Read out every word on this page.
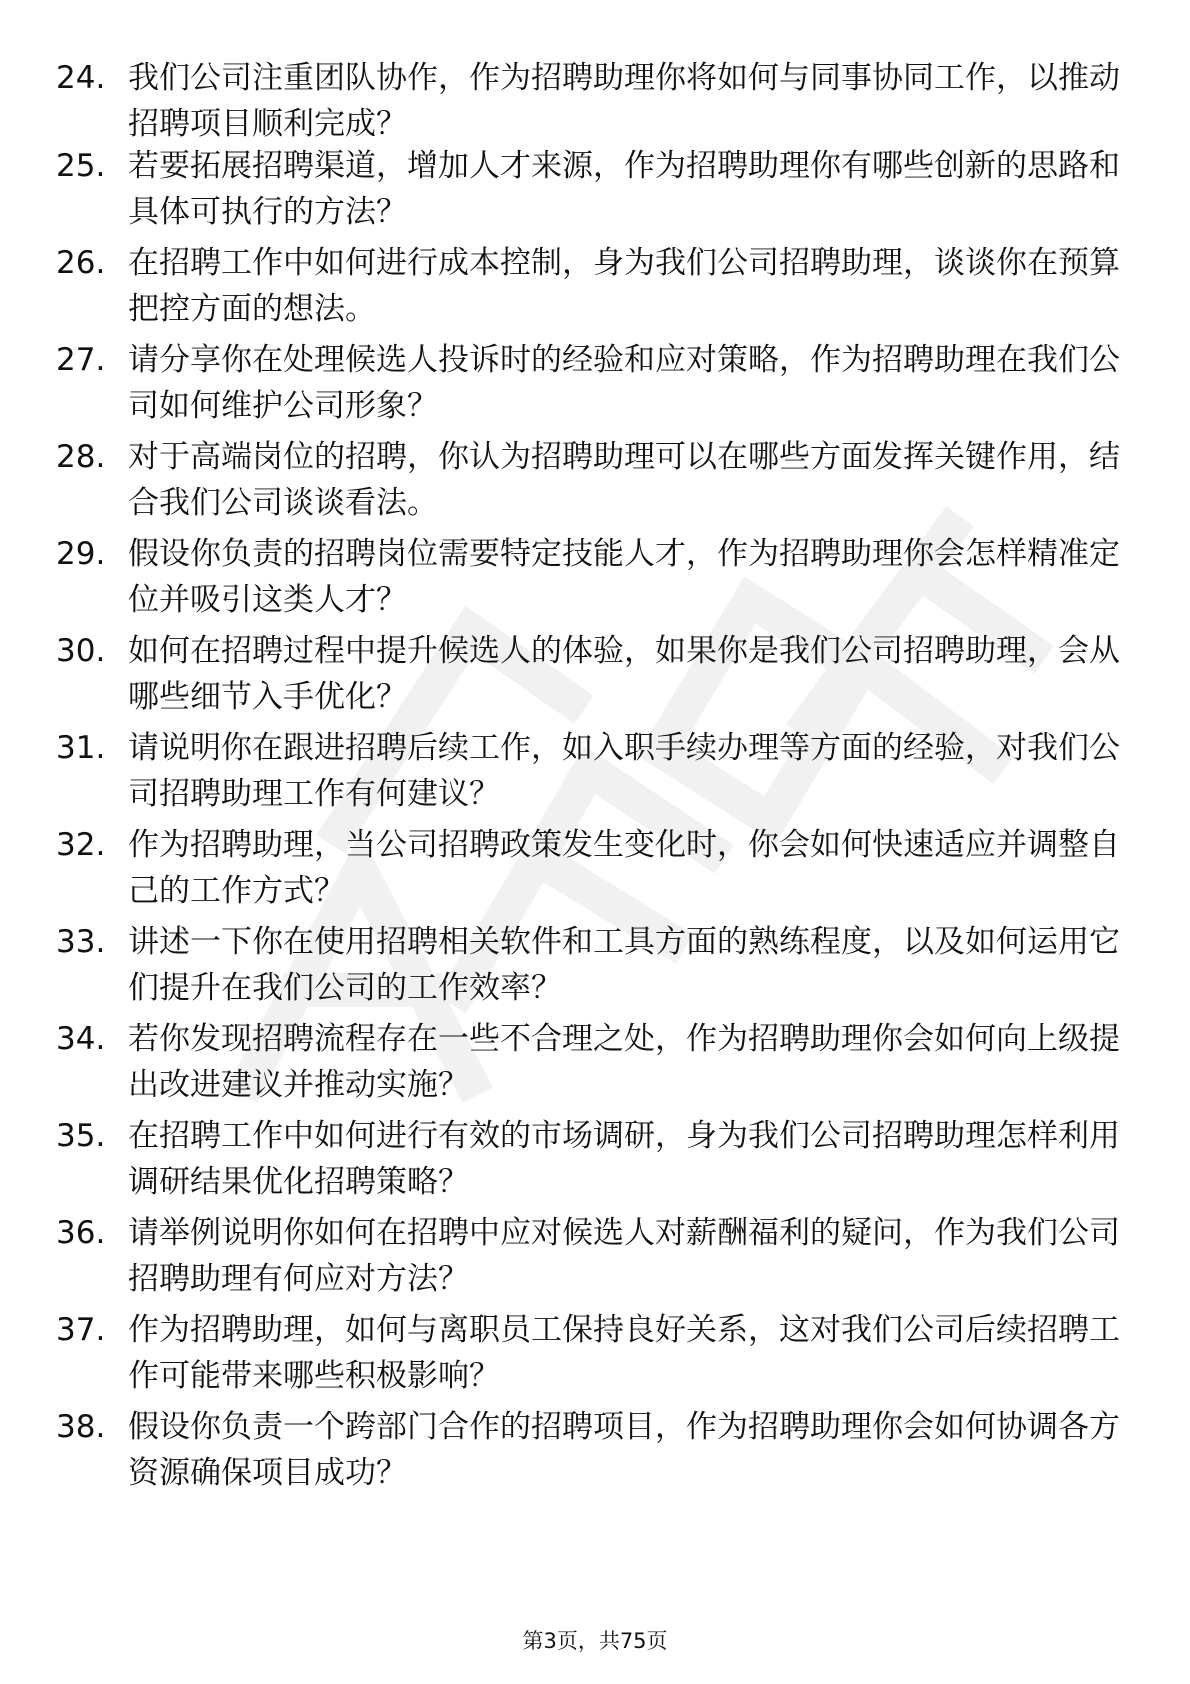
24. 我们公司注重团队协作，作为招聘助理你将如何与同事协同工作，以推动招聘项目顺利完成？
25. 若要拓展招聘渠道，增加人才来源，作为招聘助理你有哪些创新的思路和具体可执行的方法？
26. 在招聘工作中如何进行成本控制，身为我们公司招聘助理，谈谈你在预算把控方面的想法。
27. 请分享你在处理候选人投诉时的经验和应对策略，作为招聘助理在我们公司如何维护公司形象？
28. 对于高端岗位的招聘，你认为招聘助理可以在哪些方面发挥关键作用，结合我们公司谈谈看法。
29. 假设你负责的招聘岗位需要特定技能人才，作为招聘助理你会怎样精准定位并吸引这类人才？
30. 如何在招聘过程中提升候选人的体验，如果你是我们公司招聘助理，会从哪些细节入手优化？
31. 请说明你在跟进招聘后续工作，如入职手续办理等方面的经验，对我们公司招聘助理工作有何建议？
32. 作为招聘助理，当公司招聘政策发生变化时，你会如何快速适应并调整自己的工作方式？
33. 讲述一下你在使用招聘相关软件和工具方面的熟练程度，以及如何运用它们提升在我们公司的工作效率？
34. 若你发现招聘流程存在一些不合理之处，作为招聘助理你会如何向上级提出改进建议并推动实施？
35. 在招聘工作中如何进行有效的市场调研，身为我们公司招聘助理怎样利用调研结果优化招聘策略？
36. 请举例说明你如何在招聘中应对候选人对薪酬福利的疑问，作为我们公司招聘助理有何应对方法？
37. 作为招聘助理，如何与离职员工保持良好关系，这对我们公司后续招聘工作可能带来哪些积极影响？
38. 假设你负责一个跨部门合作的招聘项目，作为招聘助理你会如何协调各方资源确保项目成功？
第3页，共75页
